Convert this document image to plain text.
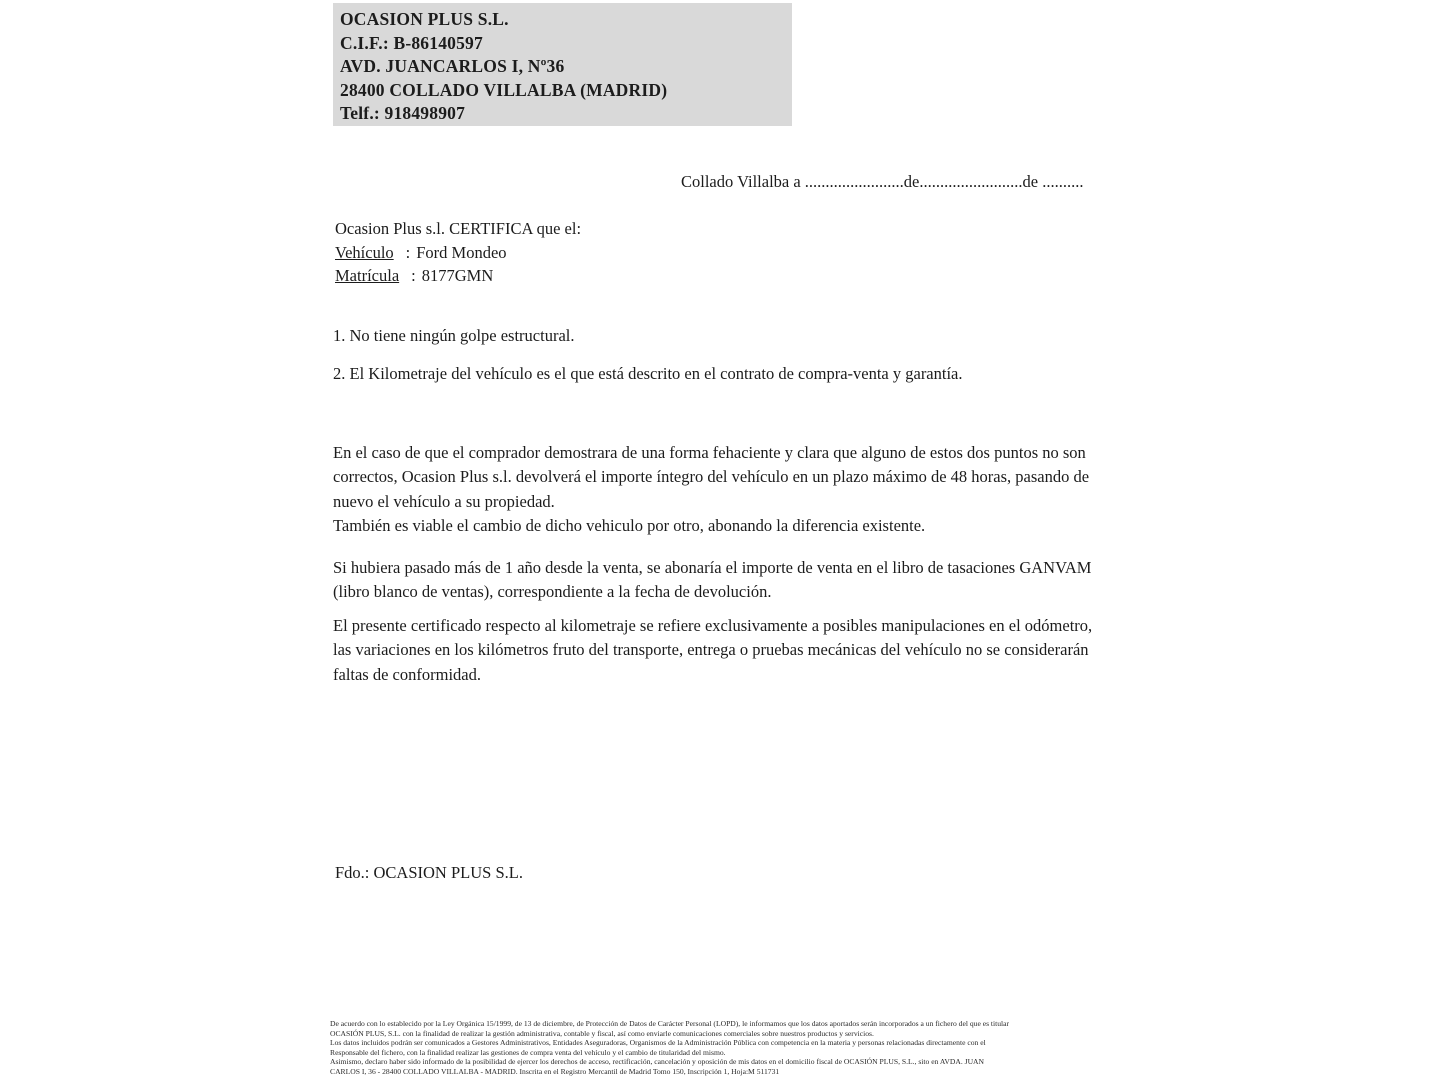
OCASION PLUS S.L.
C.I.F.: B-86140597
AVD. JUANCARLOS I, Nº36
28400 COLLADO VILLALBA (MADRID)
Telf.: 918498907
Collado Villalba a ........................de.........................de ..........
Ocasion Plus s.l. CERTIFICA que el:
Vehículo : Ford Mondeo
Matrícula : 8177GMN
1. No tiene ningún golpe estructural.
2. El Kilometraje del vehículo es el que está descrito en el contrato de compra-venta y garantía.
En el caso de que el comprador demostrara de una forma fehaciente y clara que alguno de estos dos puntos no son correctos, Ocasion Plus s.l. devolverá el importe íntegro del vehículo en un plazo máximo de 48 horas, pasando de nuevo el vehículo a su propiedad.
También es viable el cambio de dicho vehiculo por otro, abonando la diferencia existente.
Si hubiera pasado más de 1 año desde la venta, se abonaría el importe de venta en el libro de tasaciones GANVAM (libro blanco de ventas), correspondiente a la fecha de devolución.
El presente certificado respecto al kilometraje se refiere exclusivamente a posibles manipulaciones en el odómetro, las variaciones en los kilómetros fruto del transporte, entrega o pruebas mecánicas del vehículo no se considerarán faltas de conformidad.
Fdo.: OCASION PLUS S.L.
De acuerdo con lo establecido por la Ley Orgánica 15/1999, de 13 de diciembre, de Protección de Datos de Carácter Personal (LOPD), le informamos que los datos aportados serán incorporados a un fichero del que es titular
OCASIÓN PLUS, S.L. con la finalidad de realizar la gestión administrativa, contable y fiscal, así como enviarle comunicaciones comerciales sobre nuestros productos y servicios.
Los datos incluidos podrán ser comunicados a Gestores Administrativos, Entidades Aseguradoras, Organismos de la Administración Pública con competencia en la materia y personas relacionadas directamente con el
Responsable del fichero, con la finalidad realizar las gestiones de compra venta del vehículo y el cambio de titularidad del mismo.
Asimismo, declaro haber sido informado de la posibilidad de ejercer los derechos de acceso, rectificación, cancelación y oposición de mis datos en el domicilio fiscal de OCASIÓN PLUS, S.L., sito en AVDA. JUAN
CARLOS I, 36 - 28400 COLLADO VILLALBA - MADRID. Inscrita en el Registro Mercantil de Madrid Tomo 150, Inscripción 1, Hoja:M 511731
